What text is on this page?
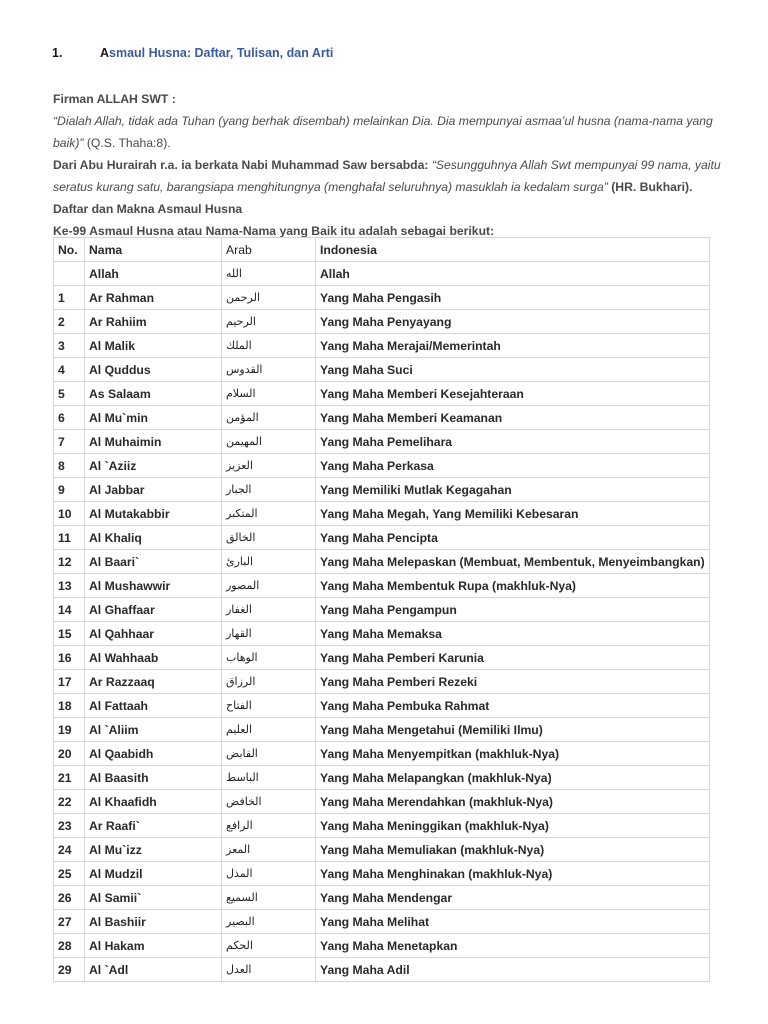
1.	Asmaul Husna: Daftar, Tulisan, dan Arti
Firman ALLAH SWT :
“Dialah Allah, tidak ada Tuhan (yang berhak disembah) melainkan Dia. Dia mempunyai asmaa’ul husna (nama-nama yang baik)” (Q.S. Thaha:8).
Dari Abu Hurairah r.a. ia berkata Nabi Muhammad Saw bersabda: “Sesungguhnya Allah Swt mempunyai 99 nama, yaitu seratus kurang satu, barangsiapa menghitungnya (menghafal seluruhnya) masuklah ia kedalam surga” (HR. Bukhari).
Daftar dan Makna Asmaul Husna
Ke-99 Asmaul Husna atau Nama-Nama yang Baik itu adalah sebagai berikut:
No.	Nama	Arab	Indonesia
	Allah	الله	Allah
1	Ar Rahman	الرحمن	Yang Maha Pengasih
2	Ar Rahiim	الرحيم	Yang Maha Penyayang
3	Al Malik	الملك	Yang Maha Merajai/Memerintah
4	Al Quddus	القدوس	Yang Maha Suci
5	As Salaam	السلام	Yang Maha Memberi Kesejahteraan
6	Al Mu`min	المؤمن	Yang Maha Memberi Keamanan
7	Al Muhaimin	المهيمن	Yang Maha Pemelihara
8	Al `Aziiz	العزيز	Yang Maha Perkasa
9	Al Jabbar	الجبار	Yang Memiliki Mutlak Kegagahan
10	Al Mutakabbir	المتكبر	Yang Maha Megah, Yang Memiliki Kebesaran
11	Al Khaliq	الخالق	Yang Maha Pencipta
12	Al Baari`	البارئ	Yang Maha Melepaskan (Membuat, Membentuk, Menyeimbangkan)
13	Al Mushawwir	المصور	Yang Maha Membentuk Rupa (makhluk-Nya)
14	Al Ghaffaar	الغفار	Yang Maha Pengampun
15	Al Qahhaar	القهار	Yang Maha Memaksa
16	Al Wahhaab	الوهاب	Yang Maha Pemberi Karunia
17	Ar Razzaaq	الرزاق	Yang Maha Pemberi Rezeki
18	Al Fattaah	الفتاح	Yang Maha Pembuka Rahmat
19	Al `Aliim	العليم	Yang Maha Mengetahui (Memiliki Ilmu)
20	Al Qaabidh	القابض	Yang Maha Menyempitkan (makhluk-Nya)
21	Al Baasith	الباسط	Yang Maha Melapangkan (makhluk-Nya)
22	Al Khaafidh	الخافض	Yang Maha Merendahkan (makhluk-Nya)
23	Ar Raafi`	الرافع	Yang Maha Meninggikan (makhluk-Nya)
24	Al Mu`izz	المعز	Yang Maha Memuliakan (makhluk-Nya)
25	Al Mudzil	المذل	Yang Maha Menghinakan (makhluk-Nya)
26	Al Samii`	السميع	Yang Maha Mendengar
27	Al Bashiir	البصير	Yang Maha Melihat
28	Al Hakam	الحكم	Yang Maha Menetapkan
29	Al `Adl	العدل	Yang Maha Adil
